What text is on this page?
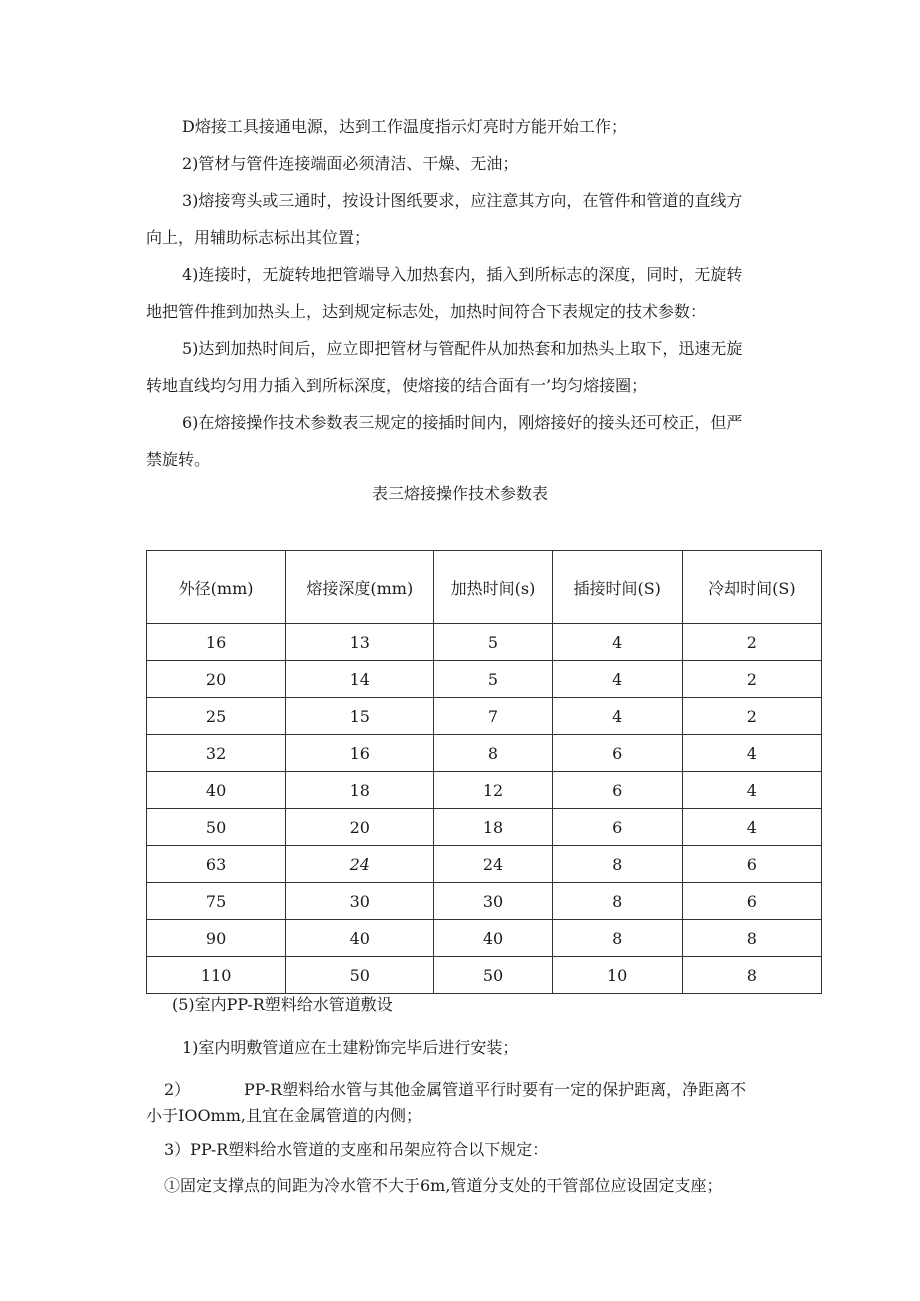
D熔接工具接通电源，达到工作温度指示灯亮时方能开始工作；

2)管材与管件连接端面必须清洁、干燥、无油；

3)熔接弯头或三通时，按设计图纸要求，应注意其方向，在管件和管道的直线方

向上，用辅助标志标出其位置；

4)连接时，无旋转地把管端导入加热套内，插入到所标志的深度，同时，无旋转

地把管件推到加热头上，达到规定标志处，加热时间符合下表规定的技术参数：

5)达到加热时间后，应立即把管材与管配件从加热套和加热头上取下，迅速无旋

转地直线均匀用力插入到所标深度，使熔接的结合面有一’均匀熔接圈；

6)在熔接操作技术参数表三规定的接插时间内，刚熔接好的接头还可校正，但严

禁旋转。

表三熔接操作技术参数表
外径(mm)	熔接深度(mm)	加热时间(s)	插接时间(S)	冷却时间(S)
16	13	5	4	2
20	14	5	4	2
25	15	7	4	2
32	16	8	6	4
40	18	12	6	4
50	20	18	6	4
63	24	24	8	6
75	30	30	8	6
90	40	40	8	8
110	50	50	10	8

(5)室内PP-R塑料给水管道敷设

1)室内明敷管道应在土建粉饰完毕后进行安装；

2）	PP-R塑料给水管与其他金属管道平行时要有一定的保护距离，净距离不

小于IOOmm,且宜在金属管道的内侧；

3）PP-R塑料给水管道的支座和吊架应符合以下规定：

①固定支撑点的间距为冷水管不大于6m,管道分支处的干管部位应设固定支座；
